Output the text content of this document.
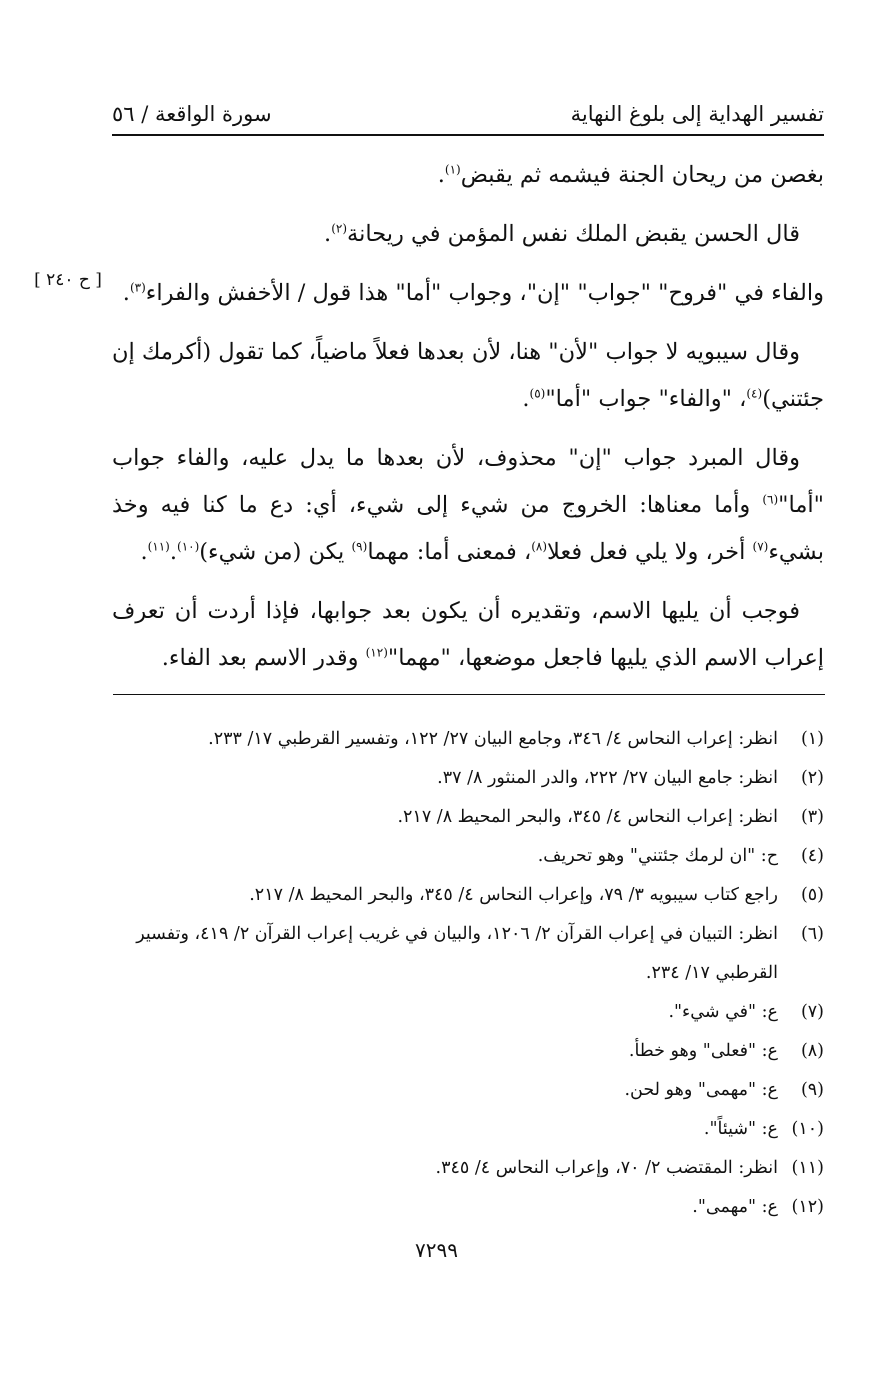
تفسير الهداية إلى بلوغ النهاية
سورة الواقعة / ٥٦
[ ح ٢٤٠ ]

بغصن من ريحان الجنة فيشمه ثم يقبض$^{(١)}$.

قال الحسن يقبض الملك نفس المؤمن في ريحانة$^{(٢)}$.

والفاء في "فروح" "جواب" "إن"، وجواب "أما" هذا قول / الأخفش والفراء$^{(٣)}$.

وقال سيبويه لا جواب "لأن" هنا، لأن بعدها فعلاً ماضياً، كما تقول (أكرمك إن جئتني)$^{(٤)}$، "والفاء" جواب "أما"$^{(٥)}$.

وقال المبرد جواب "إن" محذوف، لأن بعدها ما يدل عليه، والفاء جواب "أما"$^{(٦)}$ وأما معناها: الخروج من شيء إلى شيء، أي: دع ما كنا فيه وخذ بشيء$^{(٧)}$ أخر، ولا يلي فعل فعلا$^{(٨)}$، فمعنى أما: مهما$^{(٩)}$ يكن (من شيء)$^{(١٠)}$.$^{(١١)}$.

فوجب أن يليها الاسم، وتقديره أن يكون بعد جوابها، فإذا أردت أن تعرف إعراب الاسم الذي يليها فاجعل موضعها، "مهما"$^{(١٢)}$ وقدر الاسم بعد الفاء.

(١)
انظر: إعراب النحاس ٤/ ٣٤٦، وجامع البيان ٢٧/ ١٢٢، وتفسير القرطبي ١٧/ ٢٣٣.
(٢)
انظر: جامع البيان ٢٧/ ٢٢٢، والدر المنثور ٨/ ٣٧.
(٣)
انظر: إعراب النحاس ٤/ ٣٤٥، والبحر المحيط ٨/ ٢١٧.
(٤)
ح: "ان لرمك جئتني" وهو تحريف.
(٥)
راجع كتاب سيبويه ٣/ ٧٩، وإعراب النحاس ٤/ ٣٤٥، والبحر المحيط ٨/ ٢١٧.
(٦)
انظر: التبيان في إعراب القرآن ٢/ ١٢٠٦، والبيان في غريب إعراب القرآن ٢/ ٤١٩، وتفسير القرطبي ١٧/ ٢٣٤.
(٧)
ع: "في شيء".
(٨)
ع: "فعلى" وهو خطأ.
(٩)
ع: "مهمى" وهو لحن.
(١٠)
ع: "شيئاً".
(١١)
انظر: المقتضب ٢/ ٧٠، وإعراب النحاس ٤/ ٣٤٥.
(١٢)
ع: "مهمى".
٧٢٩٩
